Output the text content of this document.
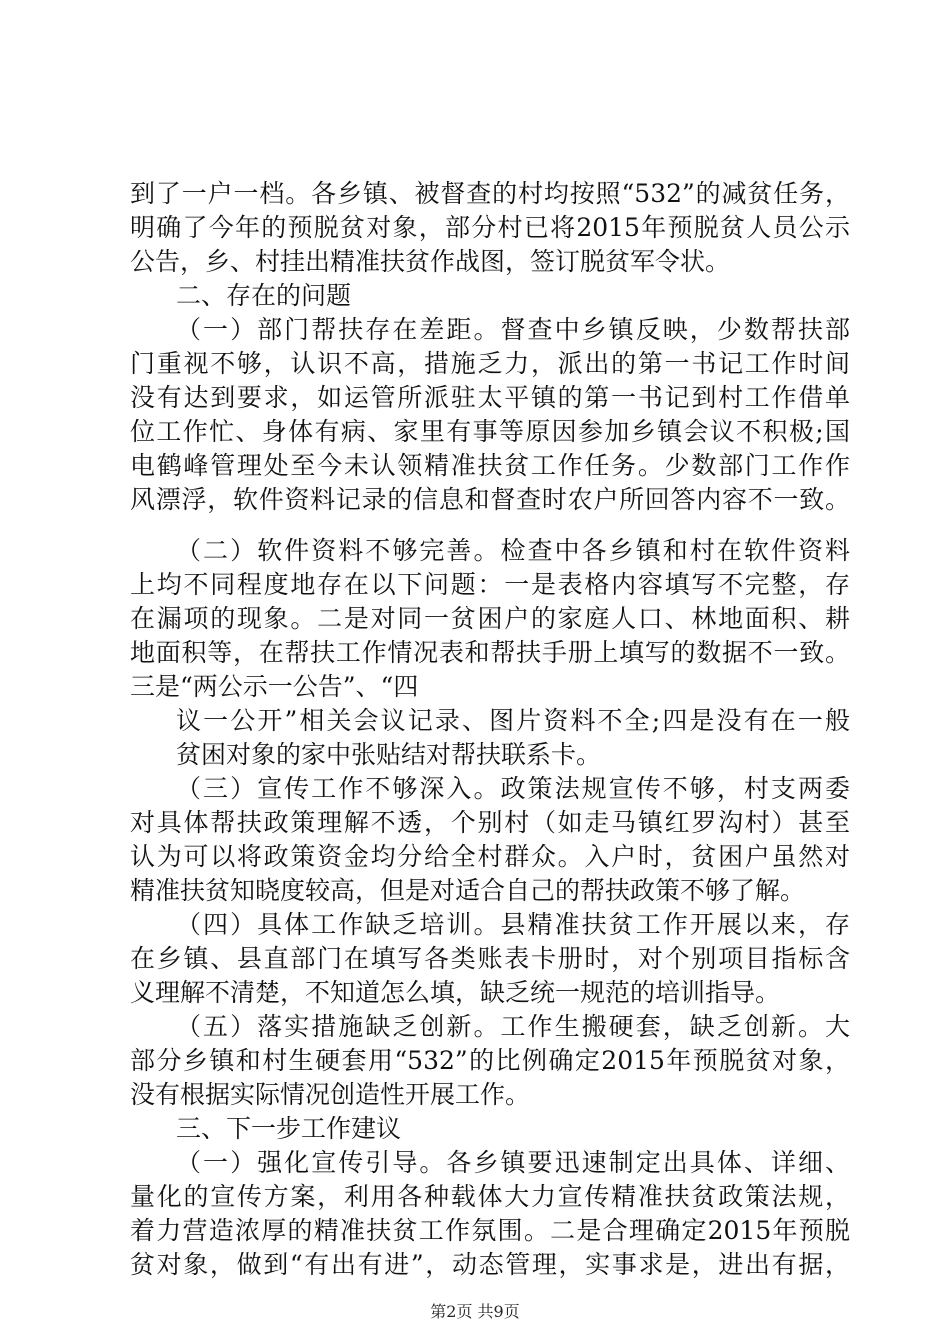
到了一户一档。各乡镇、被督查的村均按照“532”的减贫任务，
明确了今年的预脱贫对象，部分村已将2015年预脱贫人员公示
公告，乡、村挂出精准扶贫作战图，签订脱贫军令状。
二、存在的问题
（一）部门帮扶存在差距。督查中乡镇反映，少数帮扶部
门重视不够，认识不高，措施乏力，派出的第一书记工作时间
没有达到要求，如运管所派驻太平镇的第一书记到村工作借单
位工作忙、身体有病、家里有事等原因参加乡镇会议不积极;国
电鹤峰管理处至今未认领精准扶贫工作任务。少数部门工作作
风漂浮，软件资料记录的信息和督查时农户所回答内容不一致。
（二）软件资料不够完善。检查中各乡镇和村在软件资料
上均不同程度地存在以下问题：一是表格内容填写不完整，存
在漏项的现象。二是对同一贫困户的家庭人口、林地面积、耕
地面积等，在帮扶工作情况表和帮扶手册上填写的数据不一致。
三是“两公示一公告”、“四
议一公开”相关会议记录、图片资料不全;四是没有在一般
贫困对象的家中张贴结对帮扶联系卡。
（三）宣传工作不够深入。政策法规宣传不够，村支两委
对具体帮扶政策理解不透，个别村（如走马镇红罗沟村）甚至
认为可以将政策资金均分给全村群众。入户时，贫困户虽然对
精准扶贫知晓度较高，但是对适合自己的帮扶政策不够了解。
（四）具体工作缺乏培训。县精准扶贫工作开展以来，存
在乡镇、县直部门在填写各类账表卡册时，对个别项目指标含
义理解不清楚，不知道怎么填，缺乏统一规范的培训指导。
（五）落实措施缺乏创新。工作生搬硬套，缺乏创新。大
部分乡镇和村生硬套用“532”的比例确定2015年预脱贫对象，
没有根据实际情况创造性开展工作。
三、下一步工作建议
（一）强化宣传引导。各乡镇要迅速制定出具体、详细、
量化的宣传方案，利用各种载体大力宣传精准扶贫政策法规，
着力营造浓厚的精准扶贫工作氛围。二是合理确定2015年预脱
贫对象，做到“有出有进”，动态管理，实事求是，进出有据，
第2页 共9页
